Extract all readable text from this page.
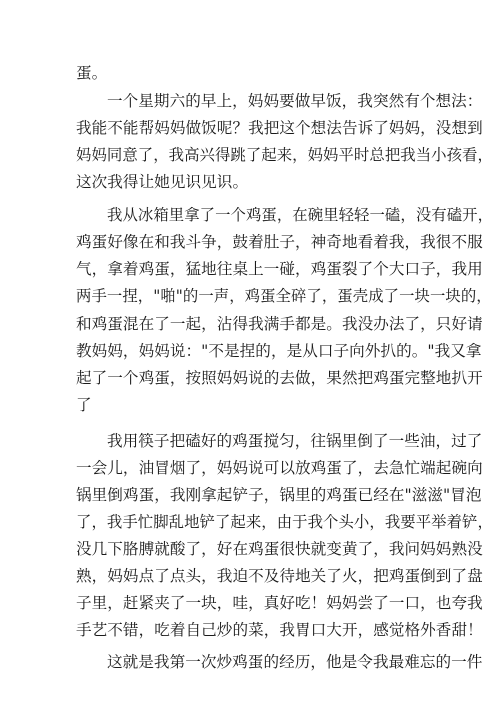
蛋。
一个星期六的早上，妈妈要做早饭，我突然有个想法：
我能不能帮妈妈做饭呢？我把这个想法告诉了妈妈，没想到
妈妈同意了，我高兴得跳了起来，妈妈平时总把我当小孩看，
这次我得让她见识见识。
我从冰箱里拿了一个鸡蛋，在碗里轻轻一磕，没有磕开，
鸡蛋好像在和我斗争，鼓着肚子，神奇地看着我，我很不服
气，拿着鸡蛋，猛地往桌上一碰，鸡蛋裂了个大口子，我用
两手一捏，"啪"的一声，鸡蛋全碎了，蛋壳成了一块一块的，
和鸡蛋混在了一起，沾得我满手都是。我没办法了，只好请
教妈妈，妈妈说："不是捏的，是从口子向外扒的。"我又拿
起了一个鸡蛋，按照妈妈说的去做，果然把鸡蛋完整地扒开
了
我用筷子把磕好的鸡蛋搅匀，往锅里倒了一些油，过了
一会儿，油冒烟了，妈妈说可以放鸡蛋了，去急忙端起碗向
锅里倒鸡蛋，我刚拿起铲子，锅里的鸡蛋已经在"滋滋"冒泡
了，我手忙脚乱地铲了起来，由于我个头小，我要平举着铲，
没几下胳膊就酸了，好在鸡蛋很快就变黄了，我问妈妈熟没
熟，妈妈点了点头，我迫不及待地关了火，把鸡蛋倒到了盘
子里，赶紧夹了一块，哇，真好吃！妈妈尝了一口，也夸我
手艺不错，吃着自己炒的菜，我胃口大开，感觉格外香甜！
这就是我第一次炒鸡蛋的经历，他是令我最难忘的一件
